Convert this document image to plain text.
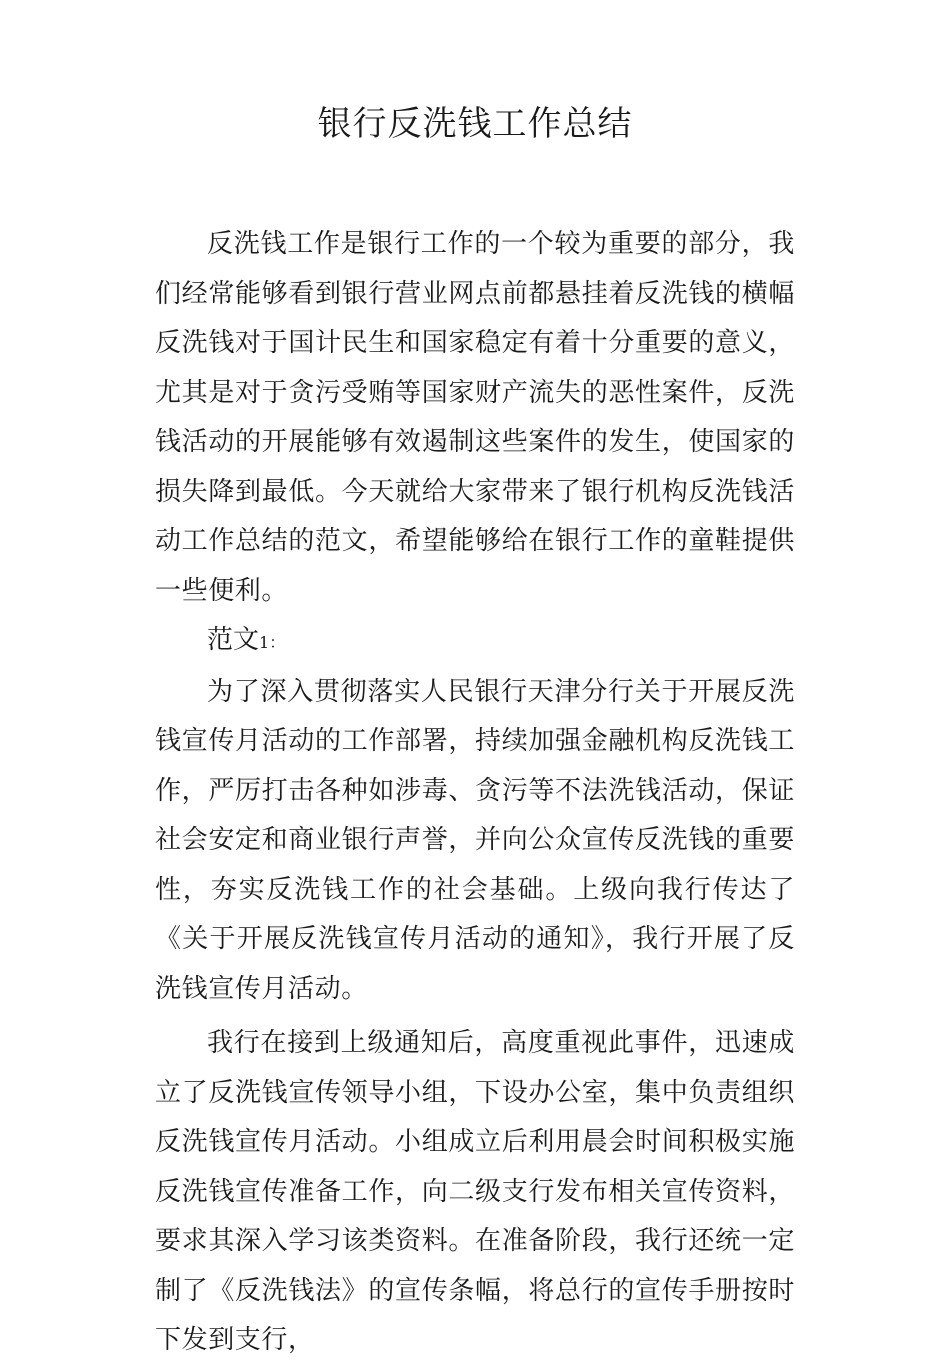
银行反洗钱工作总结

反洗钱工作是银行工作的一个较为重要的部分，我们经常能够看到银行营业网点前都悬挂着反洗钱的横幅反洗钱对于国计民生和国家稳定有着十分重要的意义，尤其是对于贪污受贿等国家财产流失的恶性案件，反洗钱活动的开展能够有效遏制这些案件的发生，使国家的损失降到最低。今天就给大家带来了银行机构反洗钱活动工作总结的范文，希望能够给在银行工作的童鞋提供一些便利。

范文1：

为了深入贯彻落实人民银行天津分行关于开展反洗钱宣传月活动的工作部署，持续加强金融机构反洗钱工作，严厉打击各种如涉毒、贪污等不法洗钱活动，保证社会安定和商业银行声誉，并向公众宣传反洗钱的重要性，夯实反洗钱工作的社会基础。上级向我行传达了《关于开展反洗钱宣传月活动的通知》，我行开展了反洗钱宣传月活动。

我行在接到上级通知后，高度重视此事件，迅速成立了反洗钱宣传领导小组，下设办公室，集中负责组织反洗钱宣传月活动。小组成立后利用晨会时间积极实施反洗钱宣传准备工作，向二级支行发布相关宣传资料，要求其深入学习该类资料。在准备阶段，我行还统一定制了《反洗钱法》的宣传条幅，将总行的宣传手册按时下发到支行，
